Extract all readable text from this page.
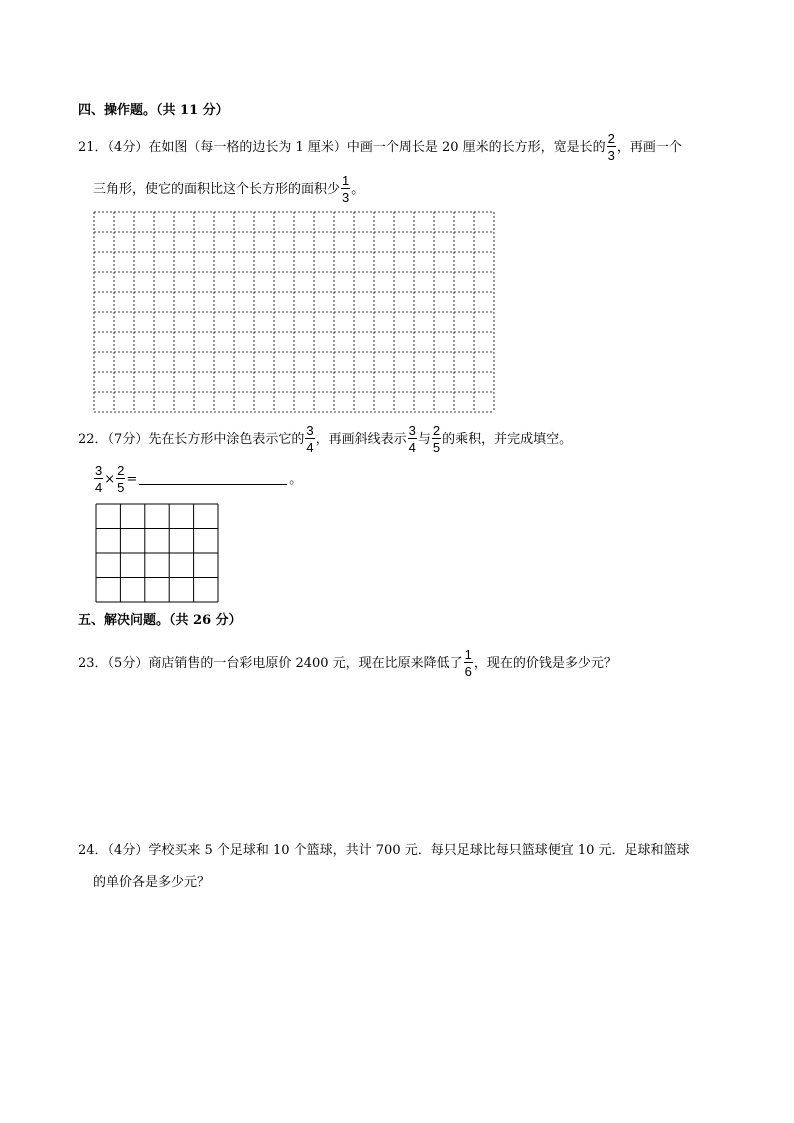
四、操作题。（共 11 分）
21．（4分）在如图（每一格的边长为 1 厘米）中画一个周长是 20 厘米的长方形，宽是长的 $\frac{2}{3}$ ，再画一个
三角形，使它的面积比这个长方形的面积少 $\frac{1}{3}$ 。
22．（7分）先在长方形中涂色表示它的 $\frac{3}{4}$ ，再画斜线表示 $\frac{3}{4}$ 与 $\frac{2}{5}$ 的乘积，并完成填空。
$\frac{3}{4} \times \frac{2}{5}$ =	。
五、解决问题。（共 26 分）
23．（5分）商店销售的一台彩电原价 2400 元，现在比原来降低了 $\frac{1}{6}$ ，现在的价钱是多少元？
24．（4分）学校买来 5 个足球和 10 个篮球，共计 700 元．每只足球比每只篮球便宜 10 元．足球和篮球
的单价各是多少元？
